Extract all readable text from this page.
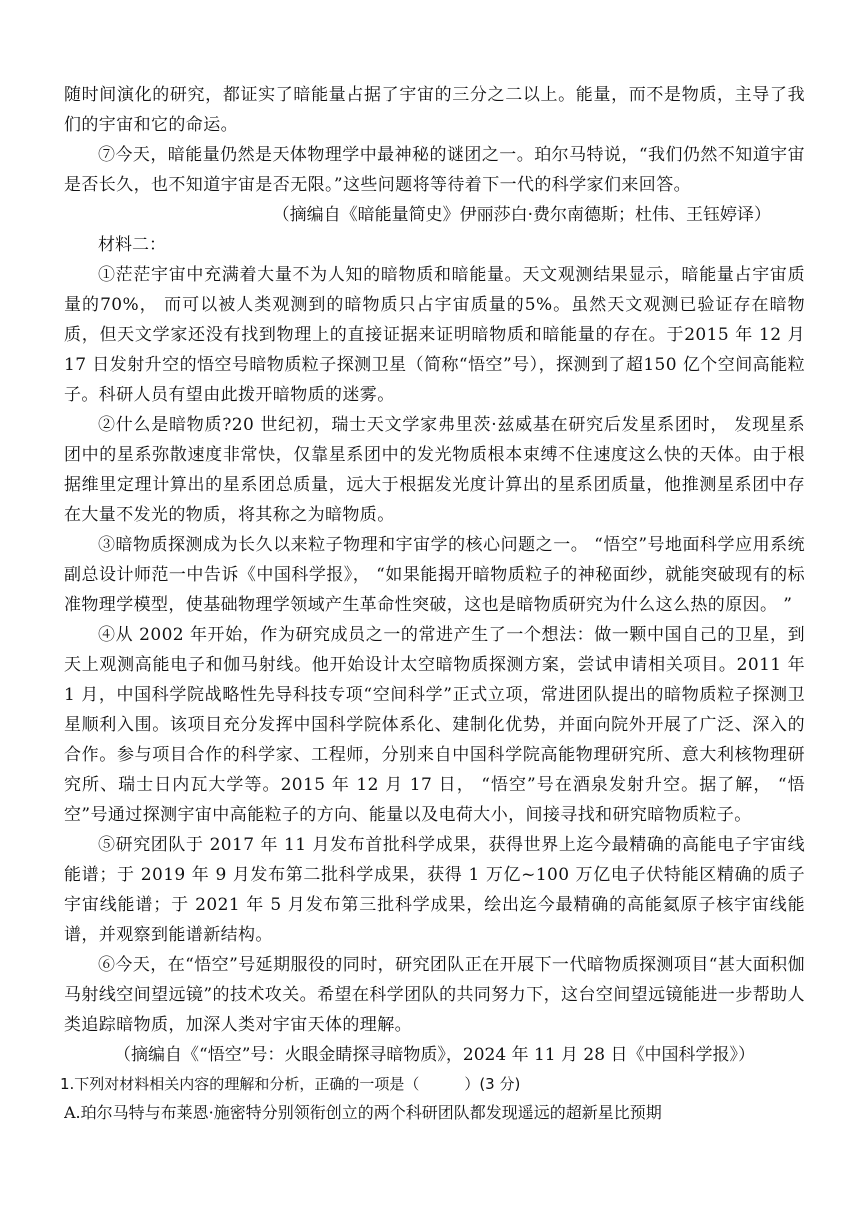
随时间演化的研究，都证实了暗能量占据了宇宙的三分之二以上。能量，而不是物质，主导了我们的宇宙和它的命运。

⑦今天，暗能量仍然是天体物理学中最神秘的谜团之一。珀尔马特说，“我们仍然不知道宇宙是否长久，也不知道宇宙是否无限。”这些问题将等待着下一代的科学家们来回答。

（摘编自《暗能量简史》伊丽莎白·费尔南德斯；杜伟、王钰婷译）

材料二：

①茫茫宇宙中充满着大量不为人知的暗物质和暗能量。天文观测结果显示，暗能量占宇宙质量的70%， 而可以被人类观测到的暗物质只占宇宙质量的5%。虽然天文观测已验证存在暗物质，但天文学家还没有找到物理上的直接证据来证明暗物质和暗能量的存在。于2015 年 12 月 17 日发射升空的悟空号暗物质粒子探测卫星（简称“悟空”号），探测到了超150 亿个空间高能粒子。科研人员有望由此拨开暗物质的迷雾。

②什么是暗物质?20 世纪初，瑞士天文学家弗里茨·兹威基在研究后发星系团时， 发现星系团中的星系弥散速度非常快，仅靠星系团中的发光物质根本束缚不住速度这么快的天体。由于根据维里定理计算出的星系团总质量，远大于根据发光度计算出的星系团质量，他推测星系团中存在大量不发光的物质，将其称之为暗物质。

③暗物质探测成为长久以来粒子物理和宇宙学的核心问题之一。 “悟空”号地面科学应用系统副总设计师范一中告诉《中国科学报》， “如果能揭开暗物质粒子的神秘面纱，就能突破现有的标准物理学模型，使基础物理学领域产生革命性突破，这也是暗物质研究为什么这么热的原因。 ”

④从 2002 年开始，作为研究成员之一的常进产生了一个想法：做一颗中国自己的卫星，到天上观测高能电子和伽马射线。他开始设计太空暗物质探测方案，尝试申请相关项目。2011 年 1 月，中国科学院战略性先导科技专项“空间科学”正式立项，常进团队提出的暗物质粒子探测卫星顺利入围。该项目充分发挥中国科学院体系化、建制化优势，并面向院外开展了广泛、深入的合作。参与项目合作的科学家、工程师，分别来自中国科学院高能物理研究所、意大利核物理研究所、瑞士日内瓦大学等。2015 年 12 月 17 日， “悟空”号在酒泉发射升空。据了解， “悟空”号通过探测宇宙中高能粒子的方向、能量以及电荷大小，间接寻找和研究暗物质粒子。

⑤研究团队于 2017 年 11 月发布首批科学成果，获得世界上迄今最精确的高能电子宇宙线能谱；于 2019 年 9 月发布第二批科学成果，获得 1 万亿~100 万亿电子伏特能区精确的质子宇宙线能谱；于 2021 年 5 月发布第三批科学成果，绘出迄今最精确的高能氦原子核宇宙线能谱，并观察到能谱新结构。

⑥今天，在“悟空”号延期服役的同时，研究团队正在开展下一代暗物质探测项目“甚大面积伽马射线空间望远镜”的技术攻关。希望在科学团队的共同努力下，这台空间望远镜能进一步帮助人类追踪暗物质，加深人类对宇宙天体的理解。

（摘编自《“悟空”号：火眼金睛探寻暗物质》，2024 年 11 月 28 日《中国科学报》）

1.下列对材料相关内容的理解和分析，正确的一项是（　　　）(3 分)

A.珀尔马特与布莱恩·施密特分别领衔创立的两个科研团队都发现遥远的超新星比预期
